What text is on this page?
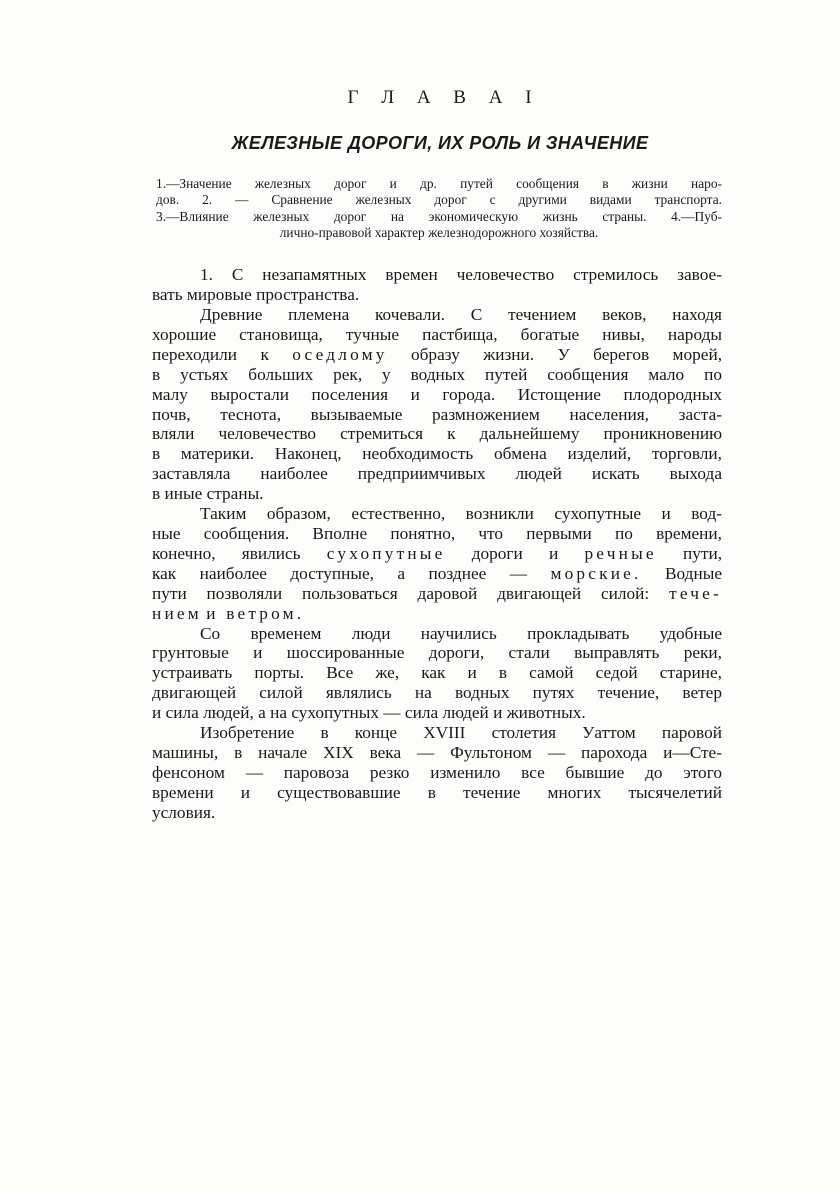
Г Л А В А I
ЖЕЛЕЗНЫЕ ДОРОГИ, ИХ РОЛЬ И ЗНАЧЕНИЕ
1.—Значение железных дорог и др. путей сообщения в жизни наро-
дов. 2. — Сравнение железных дорог с другими видами транспорта.
3.—Влияние железных дорог на экономическую жизнь страны. 4.—Пуб-
лично-правовой характер железнодорожного хозяйства.
1. С незапамятных времен человечество стремилось завое-
вать мировые пространства.
Древние племена кочевали. С течением веков, находя
хорошие становища, тучные пастбища, богатые нивы, народы
переходили к оседлому образу жизни. У берегов морей,
в устьях больших рек, у водных путей сообщения мало по
малу выростали поселения и города. Истощение плодородных
почв, теснота, вызываемые размножением населения, заста-
вляли человечество стремиться к дальнейшему проникновению
в материки. Наконец, необходимость обмена изделий, торговли,
заставляла наиболее предприимчивых людей искать выхода
в иные страны.
Таким образом, естественно, возникли сухопутные и вод-
ные сообщения. Вполне понятно, что первыми по времени,
конечно, явились сухопутные дороги и речные пути,
как наиболее доступные, а позднее — морские. Водные
пути позволяли пользоваться даровой двигающей силой: тече-
нием и ветром.
Со временем люди научились прокладывать удобные
грунтовые и шоссированные дороги, стали выправлять реки,
устраивать порты. Все же, как и в самой седой старине,
двигающей силой являлись на водных путях течение, ветер
и сила людей, а на сухопутных — сила людей и животных.
Изобретение в конце XVIII столетия Уаттом паровой
машины, в начале XIX века — Фультоном — парохода и—Сте-
фенсоном — паровоза резко изменило все бывшие до этого
времени и существовавшие в течение многих тысячелетий
условия.
